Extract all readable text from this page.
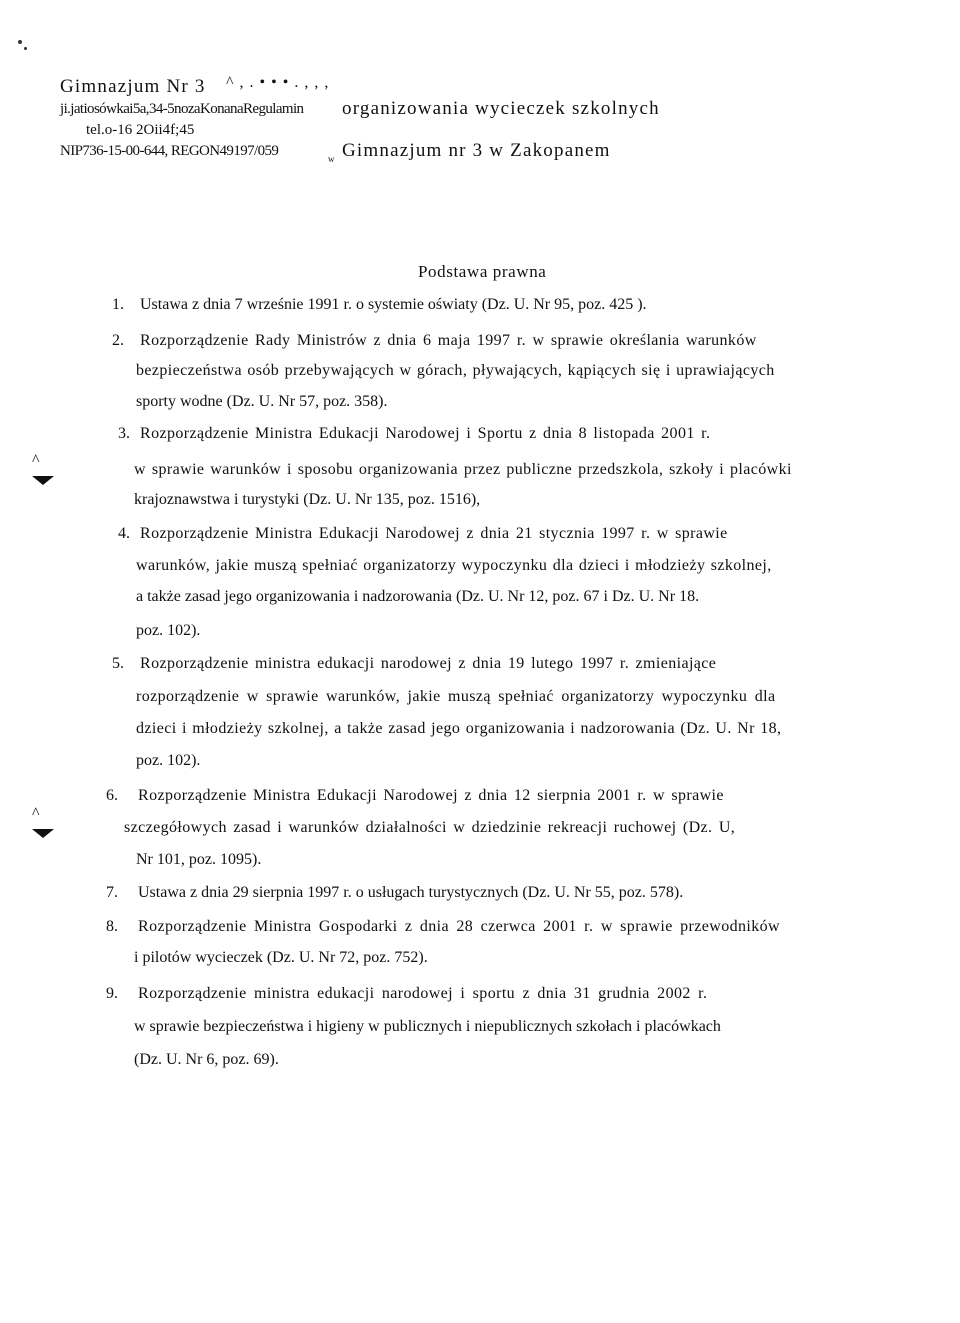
Gimnazjum Nr 3 ^ , . • • • . , , ,
ji.jatiosówkai5a,34-5nozaKonanaRegulamin organizowania wycieczek szkolnych
tel.o-16 2Oii4f;45
NIP736-15-00-644, REGON49197/059	w Gimnazjum nr 3 w Zakopanem
Podstawa prawna
^
^
1. Ustawa z dnia 7 wrześnie 1991 r. o systemie oświaty (Dz. U. Nr 95, poz. 425 ).
2. Rozporządzenie Rady Ministrów z dnia 6 maja 1997 r. w sprawie określania warunków
bezpieczeństwa osób przebywających w górach, pływających, kąpiących się i uprawiających
sporty wodne (Dz. U. Nr 57, poz. 358).
3. Rozporządzenie Ministra Edukacji Narodowej i Sportu z dnia 8 listopada 2001 r.
w sprawie warunków i sposobu organizowania przez publiczne przedszkola, szkoły i placówki
krajoznawstwa i turystyki (Dz. U. Nr 135, poz. 1516),
4. Rozporządzenie Ministra Edukacji Narodowej z dnia 21 stycznia 1997 r. w sprawie
warunków, jakie muszą spełniać organizatorzy wypoczynku dla dzieci i młodzieży szkolnej,
a także zasad jego organizowania i nadzorowania (Dz. U. Nr 12, poz. 67 i Dz. U. Nr 18.
poz. 102).
5. Rozporządzenie ministra edukacji narodowej z dnia 19 lutego 1997 r. zmieniające
rozporządzenie w sprawie warunków, jakie muszą spełniać organizatorzy wypoczynku dla
dzieci i młodzieży szkolnej, a także zasad jego organizowania i nadzorowania (Dz. U. Nr 18,
poz. 102).
6. Rozporządzenie Ministra Edukacji Narodowej z dnia 12 sierpnia 2001 r. w sprawie
szczegółowych zasad i warunków działalności w dziedzinie rekreacji ruchowej (Dz. U,
Nr 101, poz. 1095).
7. Ustawa z dnia 29 sierpnia 1997 r. o usługach turystycznych (Dz. U. Nr 55, poz. 578).
8. Rozporządzenie Ministra Gospodarki z dnia 28 czerwca 2001 r. w sprawie przewodników
i pilotów wycieczek (Dz. U. Nr 72, poz. 752).
9. Rozporządzenie ministra edukacji narodowej i sportu z dnia 31 grudnia 2002 r.
w sprawie bezpieczeństwa i higieny w publicznych i niepublicznych szkołach i placówkach
(Dz. U. Nr 6, poz. 69).
